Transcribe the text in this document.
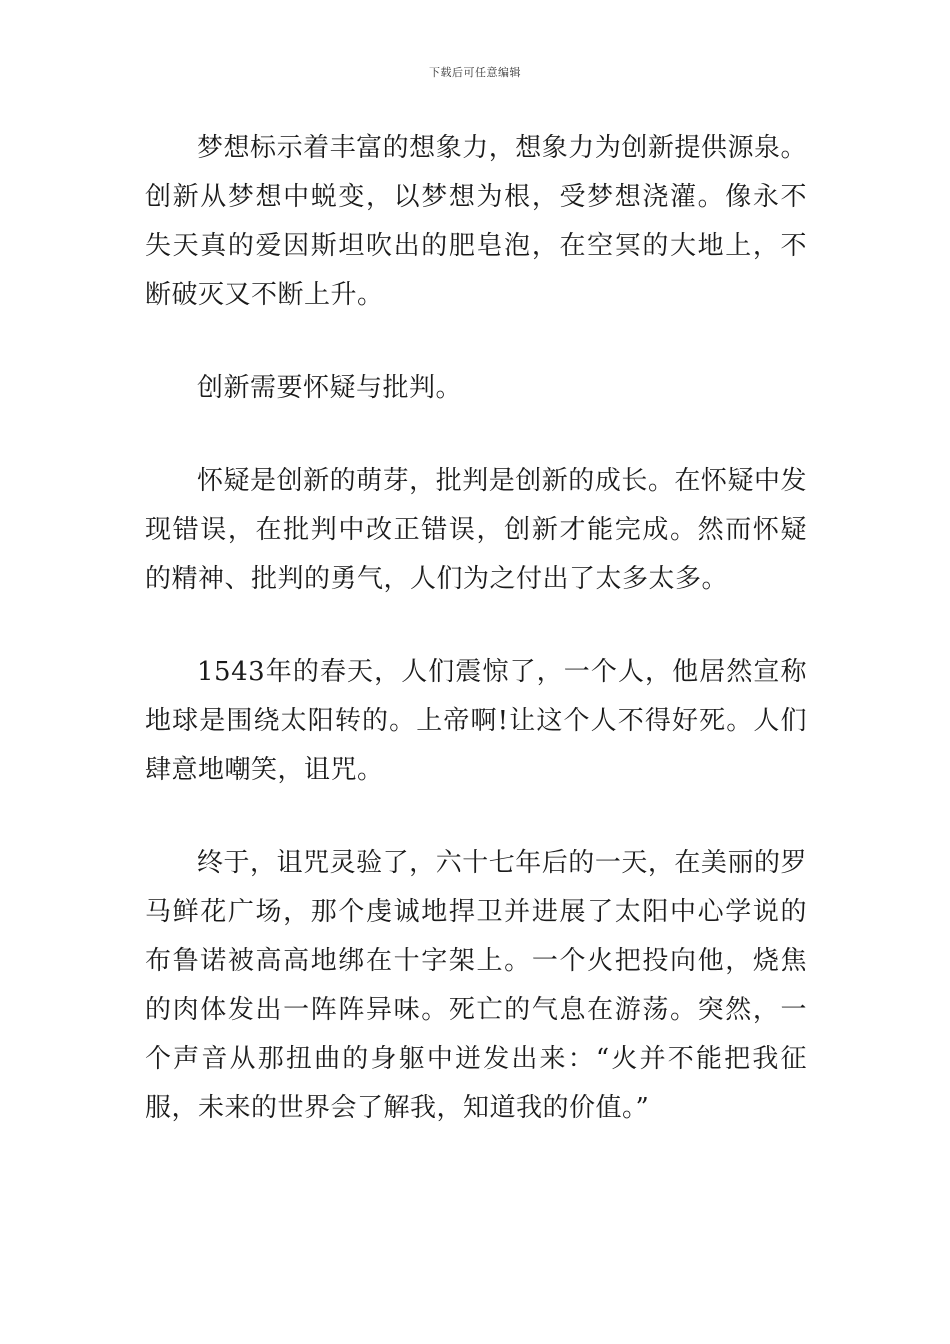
下载后可任意编辑

梦想标示着丰富的想象力，想象力为创新提供源泉。创新从梦想中蜕变，以梦想为根，受梦想浇灌。像永不失天真的爱因斯坦吹出的肥皂泡，在空冥的大地上，不断破灭又不断上升。

创新需要怀疑与批判。

怀疑是创新的萌芽，批判是创新的成长。在怀疑中发现错误，在批判中改正错误，创新才能完成。然而怀疑的精神、批判的勇气，人们为之付出了太多太多。

1543年的春天，人们震惊了，一个人，他居然宣称地球是围绕太阳转的。上帝啊!让这个人不得好死。人们肆意地嘲笑，诅咒。

终于，诅咒灵验了，六十七年后的一天，在美丽的罗马鲜花广场，那个虔诚地捍卫并进展了太阳中心学说的布鲁诺被高高地绑在十字架上。一个火把投向他，烧焦的肉体发出一阵阵异味。死亡的气息在游荡。突然，一个声音从那扭曲的身躯中迸发出来：“火并不能把我征服，未来的世界会了解我，知道我的价值。”
